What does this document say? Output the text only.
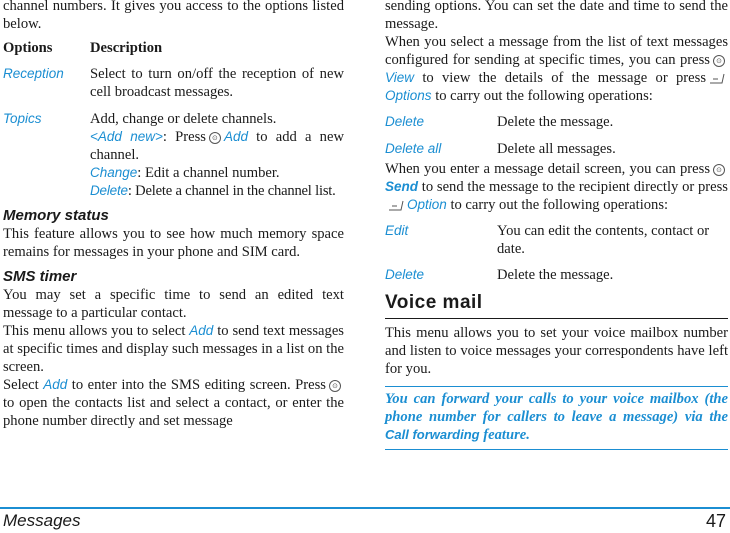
channel numbers. It gives you access to the options listed below.

Options	Description
Reception	Select to turn on/off the reception of new cell broadcast messages.

Topics	Add, change or delete channels.

<Add new>: Press ⊙ Add to add a new channel.

Change: Edit a channel number.

Delete: Delete a channel in the channel list.

Memory status

This feature allows you to see how much memory space remains for messages in your phone and SIM card.

SMS timer

You may set a specific time to send an edited text message to a particular contact.

This menu allows you to select Add to send text messages at specific times and display such messages in a list on the screen.

Select Add to enter into the SMS editing screen. Press ⊙to open the contacts list and select a contact, or enter the phone number directly and set message

sending options. You can set the date and time to send the message.

When you select a message from the list of text messages configured for sending at specific times, you can press ⊙View to view the details of the message or pressOptions to carry out the following operations:

Delete	Delete the message.
Delete all	Delete all messages.

When you enter a message detail screen, you can press ⊙Send to send the message to the recipient directly or pressOption to carry out the following operations:

Edit	You can edit the contents, contact or date.
Delete	Delete the message.
Voice mail

This menu allows you to set your voice mailbox number and listen to voice messages your correspondents have left for you.

You can forward your calls to your voice mailbox (the phone number for callers to leave a message) via the Call forwarding feature.

Messages	47
